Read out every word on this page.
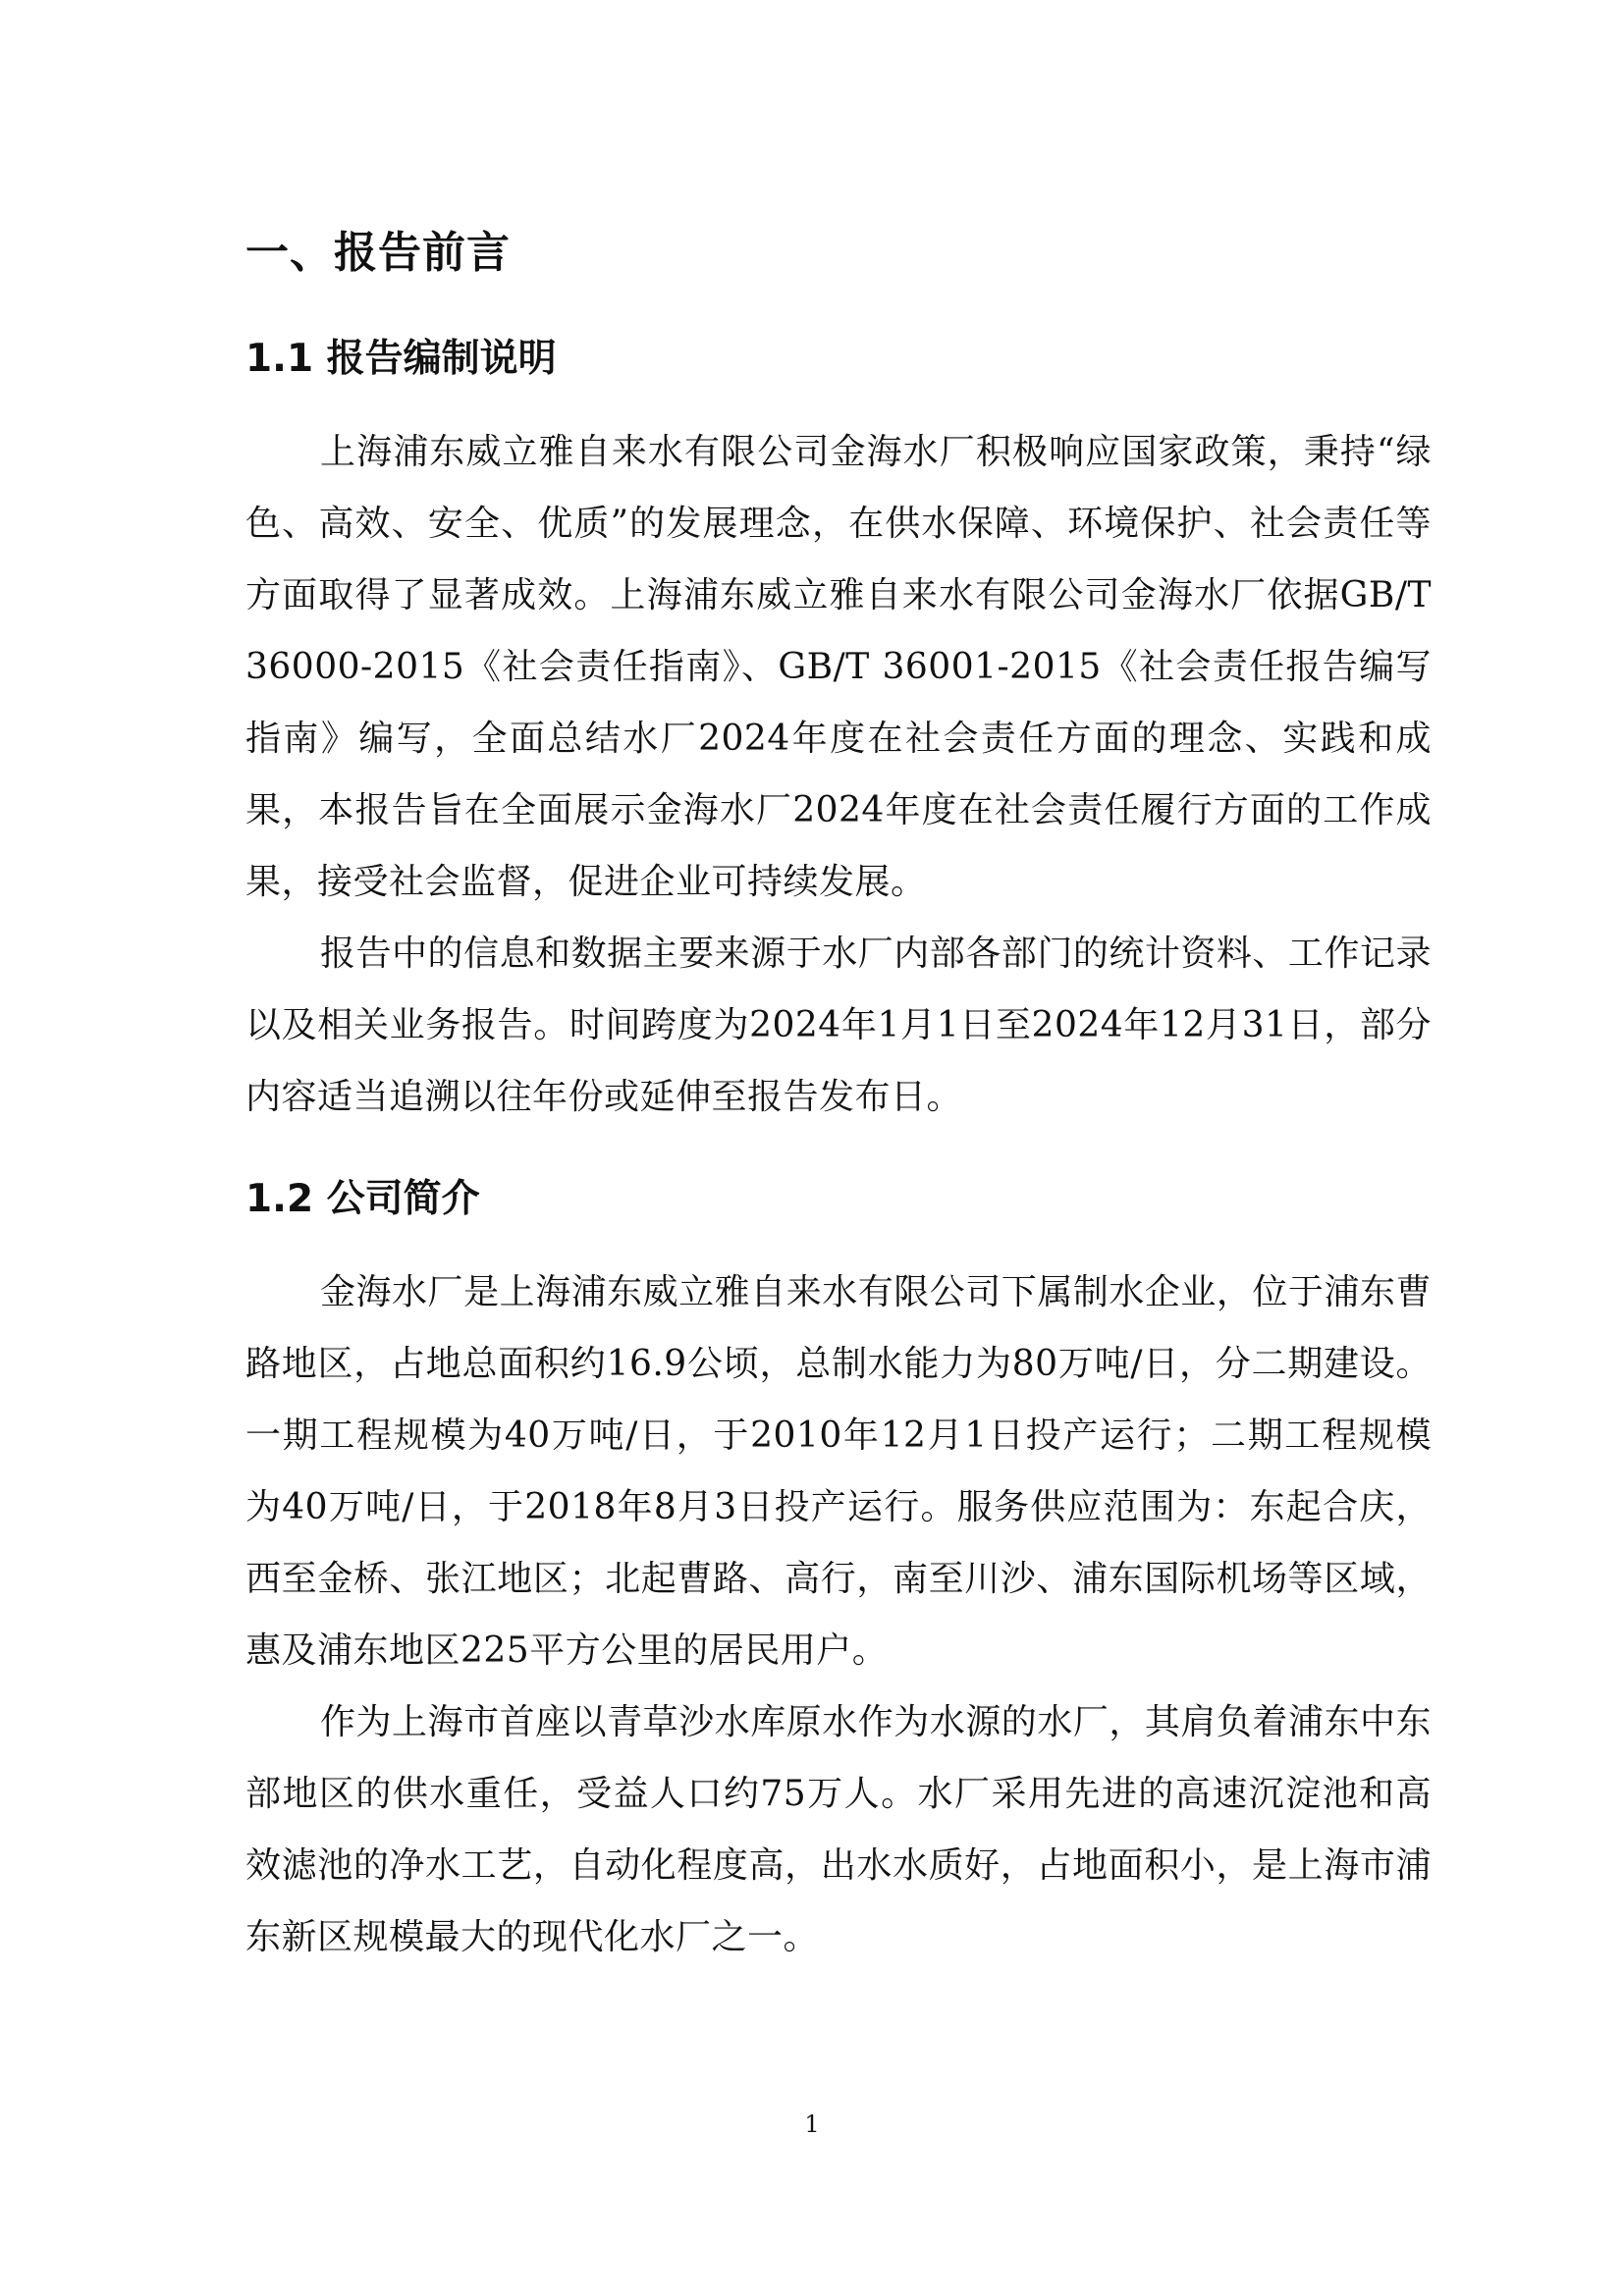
一、报告前言
1.1 报告编制说明

上海浦东威立雅自来水有限公司金海水厂积极响应国家政策，秉持“绿色、高效、安全、优质”的发展理念，在供水保障、环境保护、社会责任等方面取得了显著成效。上海浦东威立雅自来水有限公司金海水厂依据GB/T 36000-2015《社会责任指南》、GB/T 36001-2015《社会责任报告编写指南》编写，全面总结水厂2024年度在社会责任方面的理念、实践和成果，本报告旨在全面展示金海水厂2024年度在社会责任履行方面的工作成果，接受社会监督，促进企业可持续发展。

报告中的信息和数据主要来源于水厂内部各部门的统计资料、工作记录以及相关业务报告。时间跨度为2024年1月1日至2024年12月31日，部分内容适当追溯以往年份或延伸至报告发布日。

1.2 公司简介

金海水厂是上海浦东威立雅自来水有限公司下属制水企业，位于浦东曹路地区，占地总面积约16.9公顷，总制水能力为80万吨/日，分二期建设。一期工程规模为40万吨/日，于2010年12月1日投产运行；二期工程规模为40万吨/日，于2018年8月3日投产运行。服务供应范围为：东起合庆，西至金桥、张江地区；北起曹路、高行，南至川沙、浦东国际机场等区域，惠及浦东地区225平方公里的居民用户。

作为上海市首座以青草沙水库原水作为水源的水厂，其肩负着浦东中东部地区的供水重任，受益人口约75万人。水厂采用先进的高速沉淀池和高效滤池的净水工艺，自动化程度高，出水水质好，占地面积小，是上海市浦东新区规模最大的现代化水厂之一。

1
